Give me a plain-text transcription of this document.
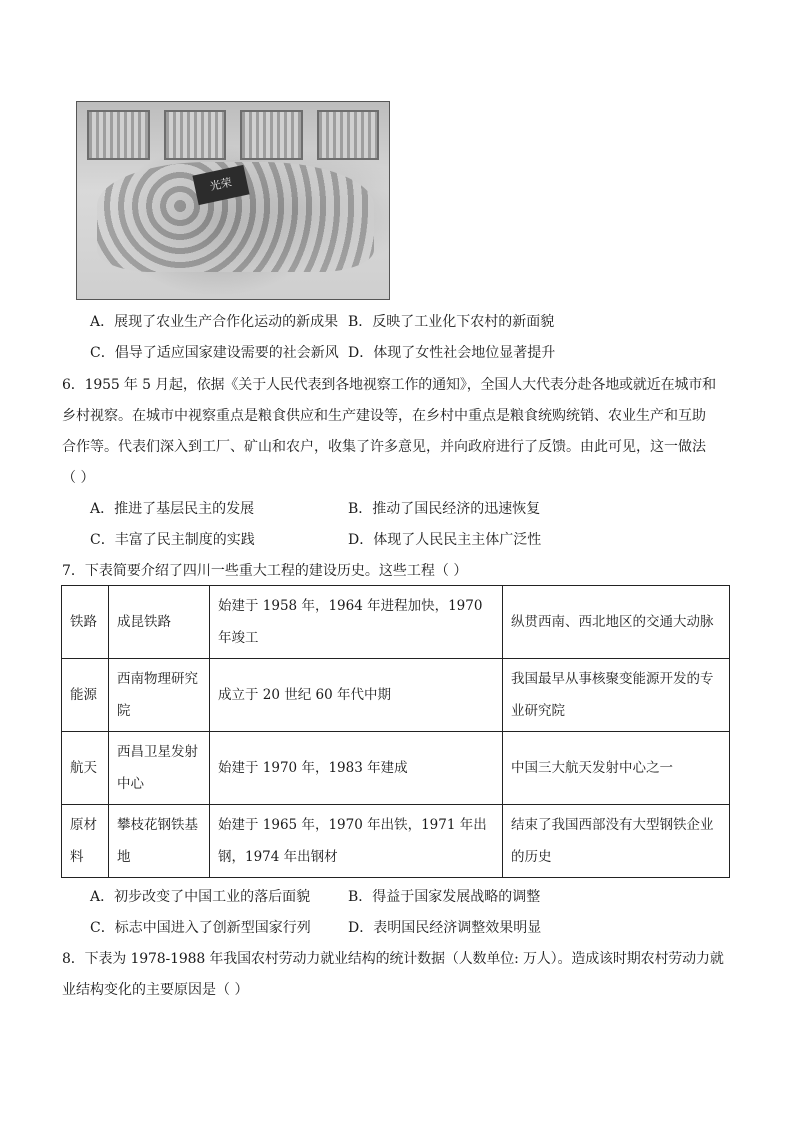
光荣
A．展现了农业生产合作化运动的新成果 B．反映了工业化下农村的新面貌
C．倡导了适应国家建设需要的社会新风 D．体现了女性社会地位显著提升
6．1955 年 5 月起，依据《关于人民代表到各地视察工作的通知》，全国人大代表分赴各地或就近在城市和
乡村视察。在城市中视察重点是粮食供应和生产建设等，在乡村中重点是粮食统购统销、农业生产和互助
合作等。代表们深入到工厂、矿山和农户，收集了许多意见，并向政府进行了反馈。由此可见，这一做法
（ ）
A．推进了基层民主的发展	B．推动了国民经济的迅速恢复
C．丰富了民主制度的实践	D．体现了人民民主主体广泛性
7．下表简要介绍了四川一些重大工程的建设历史。这些工程（ ）
铁路	成昆铁路	始建于 1958 年，1964 年进程加快，1970 年竣工	纵贯西南、西北地区的交通大动脉
能源	西南物理研究院	成立于 20 世纪 60 年代中期	我国最早从事核聚变能源开发的专业研究院
航天	西昌卫星发射中心	始建于 1970 年，1983 年建成	中国三大航天发射中心之一
原材料	攀枝花钢铁基地	始建于 1965 年，1970 年出铁，1971 年出钢，1974 年出钢材	结束了我国西部没有大型钢铁企业的历史
A．初步改变了中国工业的落后面貌	B．得益于国家发展战略的调整
C．标志中国进入了创新型国家行列	D．表明国民经济调整效果明显
8．下表为 1978-1988 年我国农村劳动力就业结构的统计数据（人数单位: 万人）。造成该时期农村劳动力就
业结构变化的主要原因是（ ）
